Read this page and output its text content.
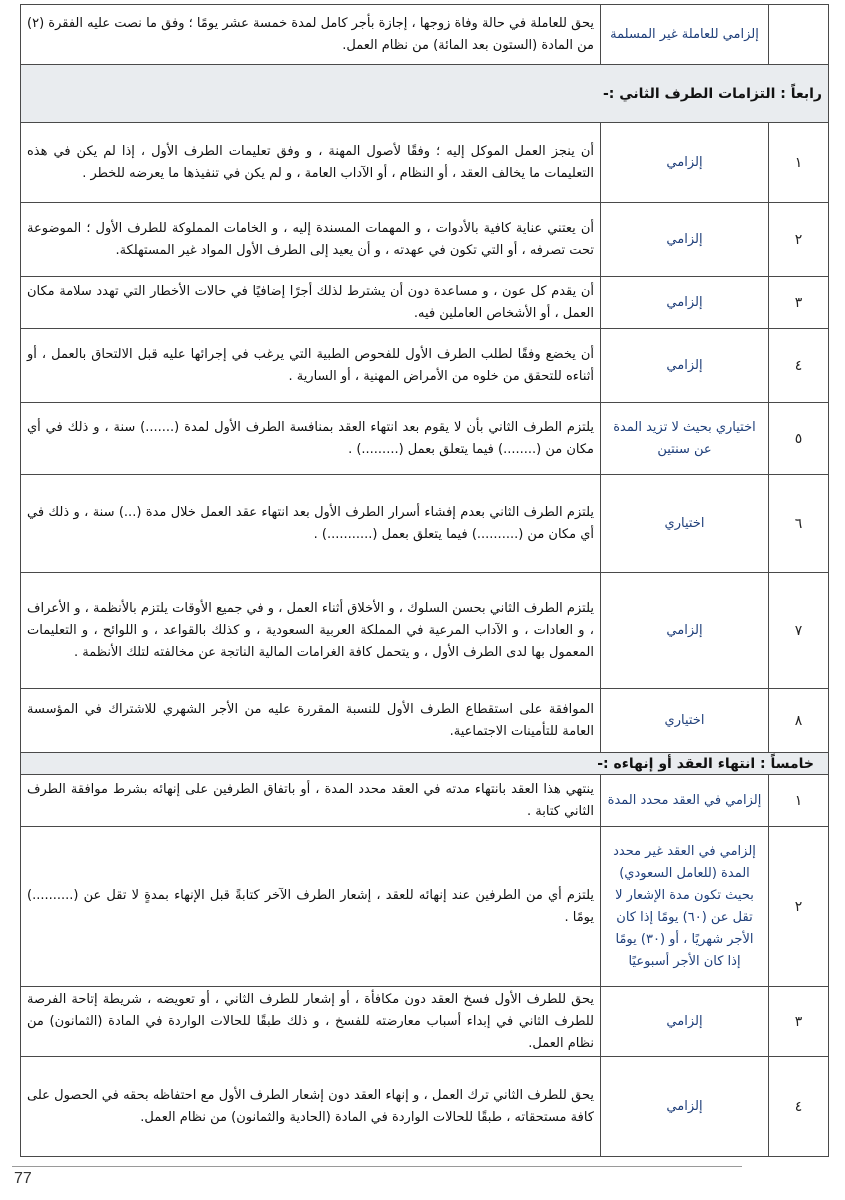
	إلزامي للعاملة غير المسلمة	يحق للعاملة في حالة وفاة زوجها ، إجازة بأجر كامل لمدة خمسة عشر يومًا ؛ وفق ما نصت عليه الفقرة (٢) من المادة (الستون بعد المائة) من نظام العمل.
رابعاً : التزامات الطرف الثاني :-		
١	إلزامي	أن ينجز العمل الموكل إليه ؛ وفقًا لأصول المهنة ، و وفق تعليمات الطرف الأول ، إذا لم يكن في هذه التعليمات ما يخالف العقد ، أو النظام ، أو الآداب العامة ، و لم يكن في تنفيذها ما يعرضه للخطر .
٢	إلزامي	أن يعتني عناية كافية بالأدوات ، و المهمات المسندة إليه ، و الخامات المملوكة للطرف الأول ؛ الموضوعة تحت تصرفه ، أو التي تكون في عهدته ، و أن يعيد إلى الطرف الأول المواد غير المستهلكة.
٣	إلزامي	أن يقدم كل عون ، و مساعدة دون أن يشترط لذلك أجرًا إضافيًا في حالات الأخطار التي تهدد سلامة مكان العمل ، أو الأشخاص العاملين فيه.
٤	إلزامي	أن يخضع وفقًا لطلب الطرف الأول للفحوص الطبية التي يرغب في إجرائها عليه قبل الالتحاق بالعمل ، أو أثناءه للتحقق من خلوه من الأمراض المهنية ، أو السارية .
٥	اختياري بحيث لا تزيد المدة عن سنتين	يلتزم الطرف الثاني بأن لا يقوم بعد انتهاء العقد بمنافسة الطرف الأول لمدة (.......) سنة ، و ذلك في أي مكان من (........) فيما يتعلق بعمل (.........) .
٦	اختياري	يلتزم الطرف الثاني بعدم إفشاء أسرار الطرف الأول بعد انتهاء عقد العمل خلال مدة (...) سنة ، و ذلك في أي مكان من (..........) فيما يتعلق بعمل (...........) .
٧	إلزامي	يلتزم الطرف الثاني بحسن السلوك ، و الأخلاق أثناء العمل ، و في جميع الأوقات يلتزم بالأنظمة ، و الأعراف ، و العادات ، و الآداب المرعية في المملكة العربية السعودية ، و كذلك بالقواعد ، و اللوائح ، و التعليمات المعمول بها لدى الطرف الأول ، و يتحمل كافة الغرامات المالية الناتجة عن مخالفته لتلك الأنظمة .
٨	اختياري	الموافقة على استقطاع الطرف الأول للنسبة المقررة عليه من الأجر الشهري للاشتراك في المؤسسة العامة للتأمينات الاجتماعية.
خامساً : انتهاء العقد أو إنهاءه :-		
١	إلزامي في العقد محدد المدة	ينتهي هذا العقد بانتهاء مدته في العقد محدد المدة ، أو باتفاق الطرفين على إنهائه بشرط موافقة الطرف الثاني كتابة .
٢	إلزامي في العقد غير محدد المدة (للعامل السعودي) بحيث تكون مدة الإشعار لا تقل عن (٦٠) يومًا إذا كان الأجر شهريًا ، أو (٣٠) يومًا إذا كان الأجر أسبوعيًا	يلتزم أي من الطرفين عند إنهائه للعقد ، إشعار الطرف الآخر كتابةً قبل الإنهاء بمدةٍ لا تقل عن (..........) يومًا .
٣	إلزامي	يحق للطرف الأول فسخ العقد دون مكافأة ، أو إشعار للطرف الثاني ، أو تعويضه ، شريطة إتاحة الفرصة للطرف الثاني في إبداء أسباب معارضته للفسخ ، و ذلك طبقًا للحالات الواردة في المادة (الثمانون) من نظام العمل.
٤	إلزامي	يحق للطرف الثاني ترك العمل ، و إنهاء العقد دون إشعار الطرف الأول مع احتفاظه بحقه في الحصول على كافة مستحقاته ، طبقًا للحالات الواردة في المادة (الحادية والثمانون) من نظام العمل.
77
